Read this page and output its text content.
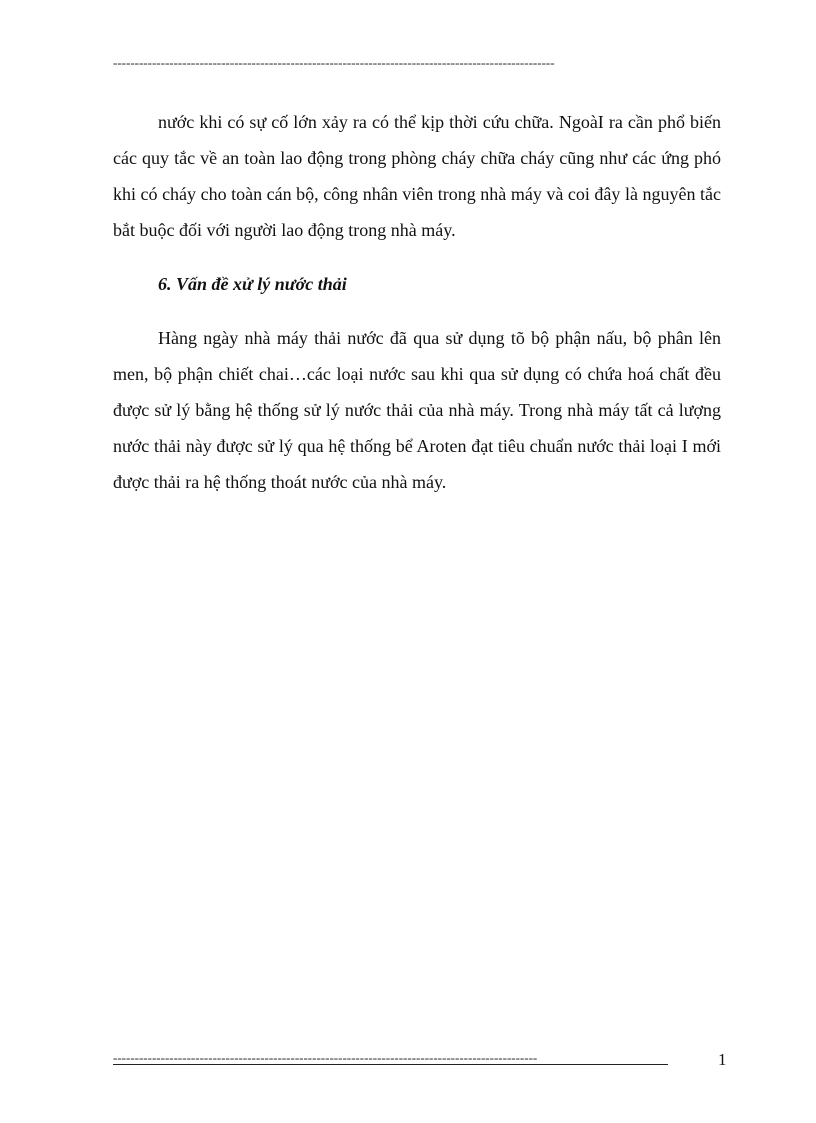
------------------------------------------------------------------------------------------------------

nước khi có sự cố lớn xảy ra có thể kịp thời cứu chữa. NgoàI ra cần phổ biến các quy tắc về an toàn lao động trong phòng cháy chữa cháy cũng như các ứng phó khi có cháy cho toàn cán bộ, công nhân viên trong nhà máy và coi đây là nguyên tắc bắt buộc đối với người lao động trong nhà máy.

6. Vấn đề xử lý nước thải

Hàng ngày nhà máy thải nước đã qua sử dụng tõ bộ phận nấu, bộ phân lên men, bộ phận chiết chai…các loại nước sau khi qua sử dụng có chứa hoá chất đều được sử lý bằng hệ thống sử lý nước thải của nhà máy. Trong nhà máy tất cả lượng nước thải này được sử lý qua hệ thống bể Aroten đạt tiêu chuẩn nước thải loại I mới được thải ra hệ thống thoát nước của nhà máy.

--------------------------------------------------------------------------------------------------	1
